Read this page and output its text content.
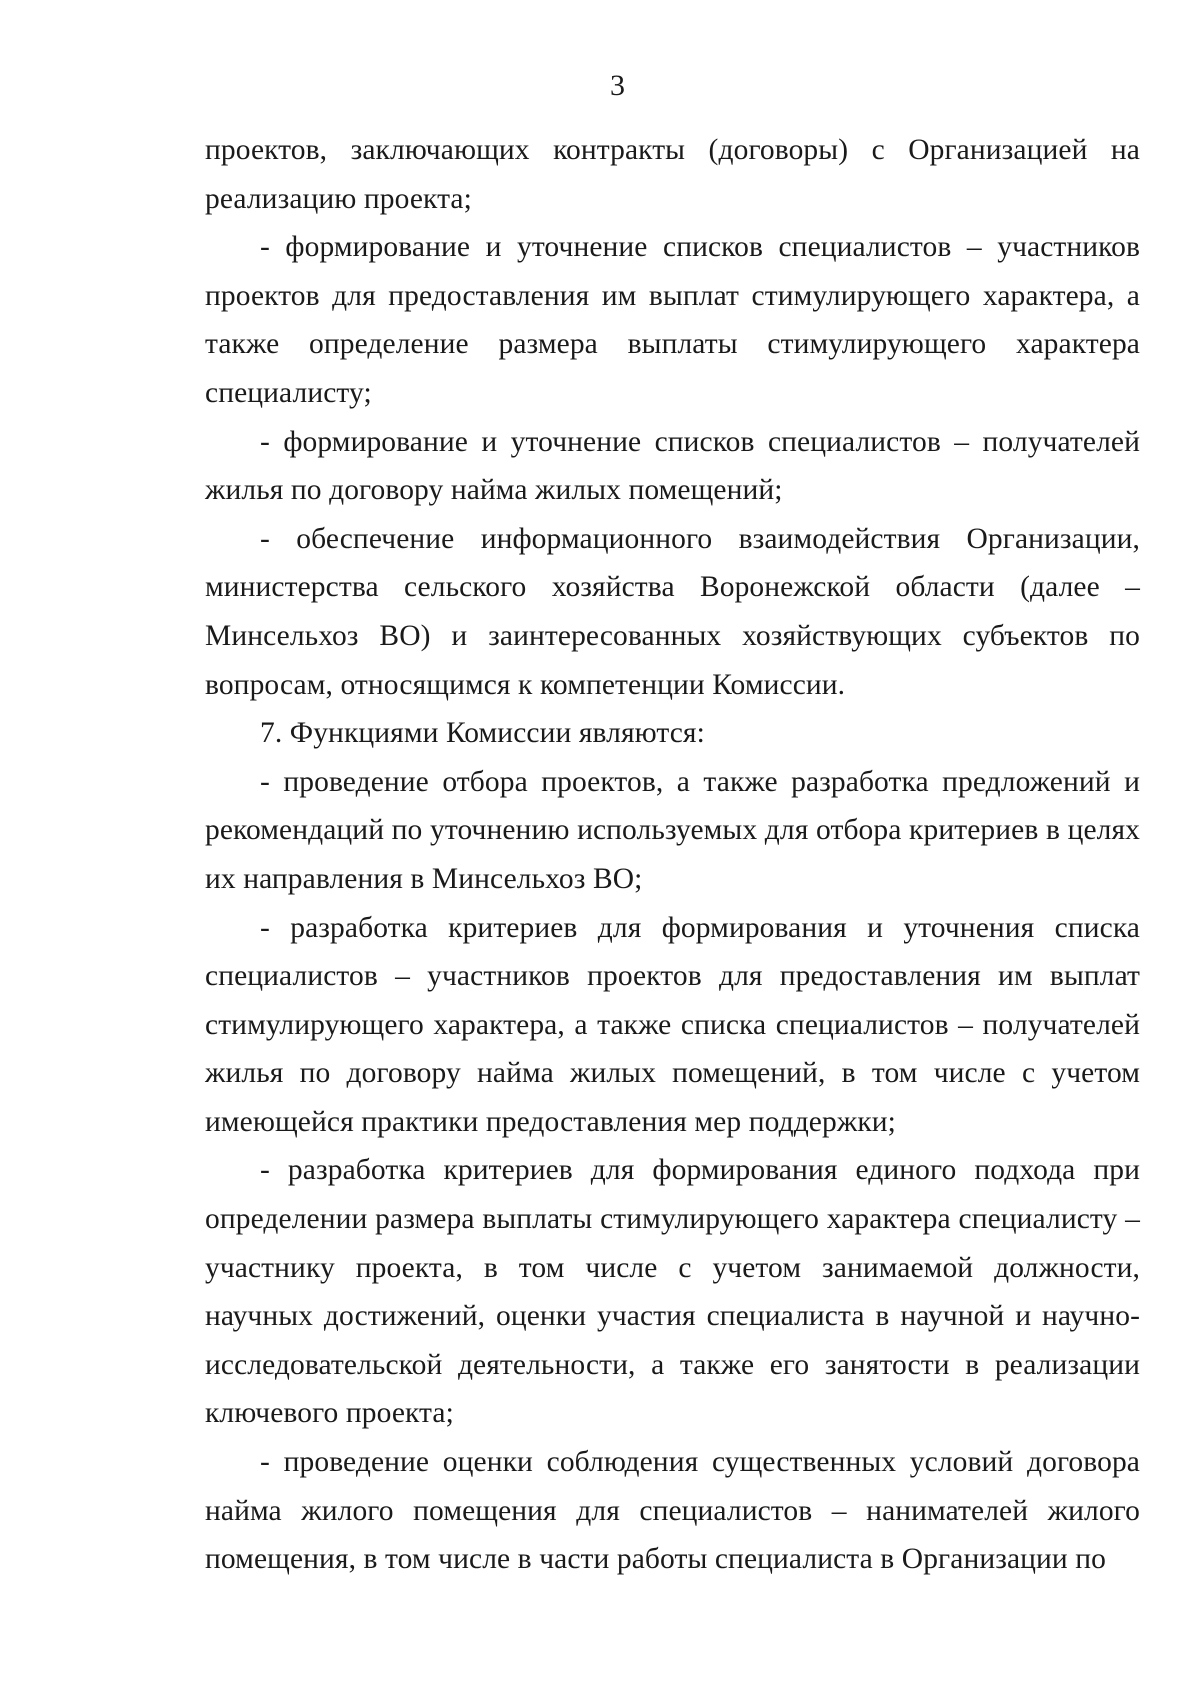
3

проектов, заключающих контракты (договоры) с Организацией на реализацию проекта;

- формирование и уточнение списков специалистов – участников проектов для предоставления им выплат стимулирующего характера, а также определение размера выплаты стимулирующего характера специалисту;

- формирование и уточнение списков специалистов – получателей жилья по договору найма жилых помещений;

- обеспечение информационного взаимодействия Организации, министерства сельского хозяйства Воронежской области (далее – Минсельхоз ВО) и заинтересованных хозяйствующих субъектов по вопросам, относящимся к компетенции Комиссии.

7. Функциями Комиссии являются:

- проведение отбора проектов, а также разработка предложений и рекомендаций по уточнению используемых для отбора критериев в целях их направления в Минсельхоз ВО;

- разработка критериев для формирования и уточнения списка специалистов – участников проектов для предоставления им выплат стимулирующего характера, а также списка специалистов – получателей жилья по договору найма жилых помещений, в том числе с учетом имеющейся практики предоставления мер поддержки;

- разработка критериев для формирования единого подхода при определении размера выплаты стимулирующего характера специалисту – участнику проекта, в том числе с учетом занимаемой должности, научных достижений, оценки участия специалиста в научной и научно-исследовательской деятельности, а также его занятости в реализации ключевого проекта;

- проведение оценки соблюдения существенных условий договора найма жилого помещения для специалистов – нанимателей жилого помещения, в том числе в части работы специалиста в Организации по
